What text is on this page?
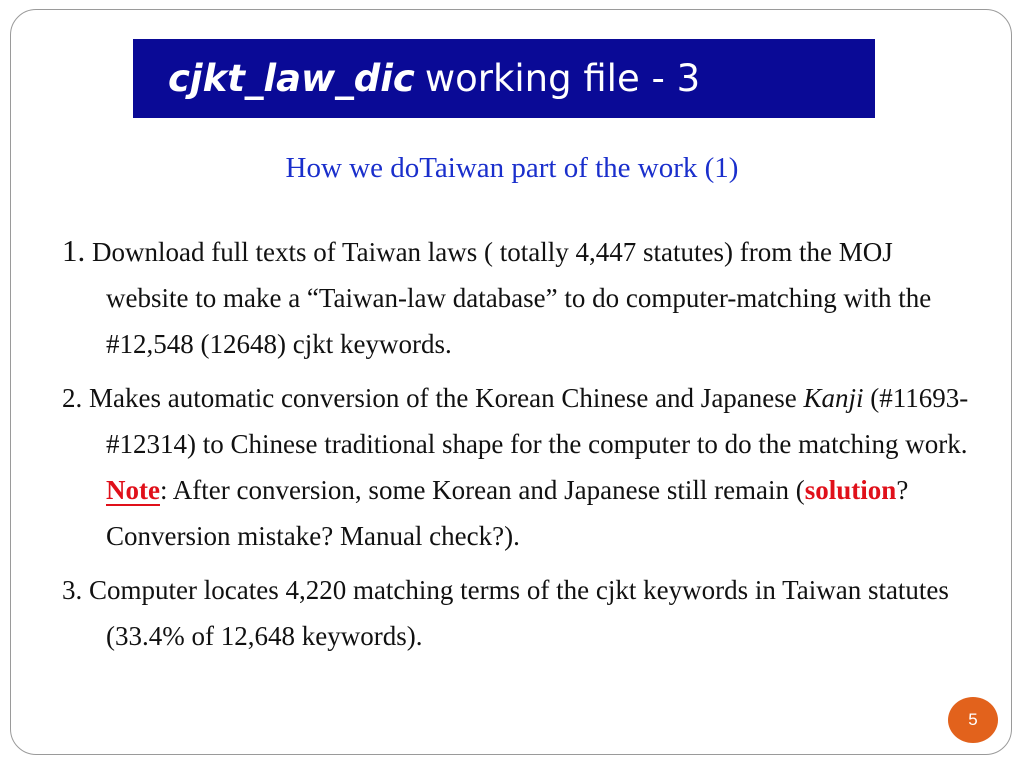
cjkt_law_dic working file - 3
How we doTaiwan part of the work (1)
1. Download full texts of Taiwan laws ( totally 4,447 statutes) from the MOJ website to make a “Taiwan-law database” to do computer-matching with the #12,548 (12648) cjkt keywords.
2. Makes automatic conversion of the Korean Chinese and Japanese Kanji (#11693-#12314) to Chinese traditional shape for the computer to do the matching work. Note: After conversion, some Korean and Japanese still remain (solution? Conversion mistake? Manual check?).
3. Computer locates 4,220 matching terms of the cjkt keywords in Taiwan statutes (33.4% of 12,648 keywords).
5
